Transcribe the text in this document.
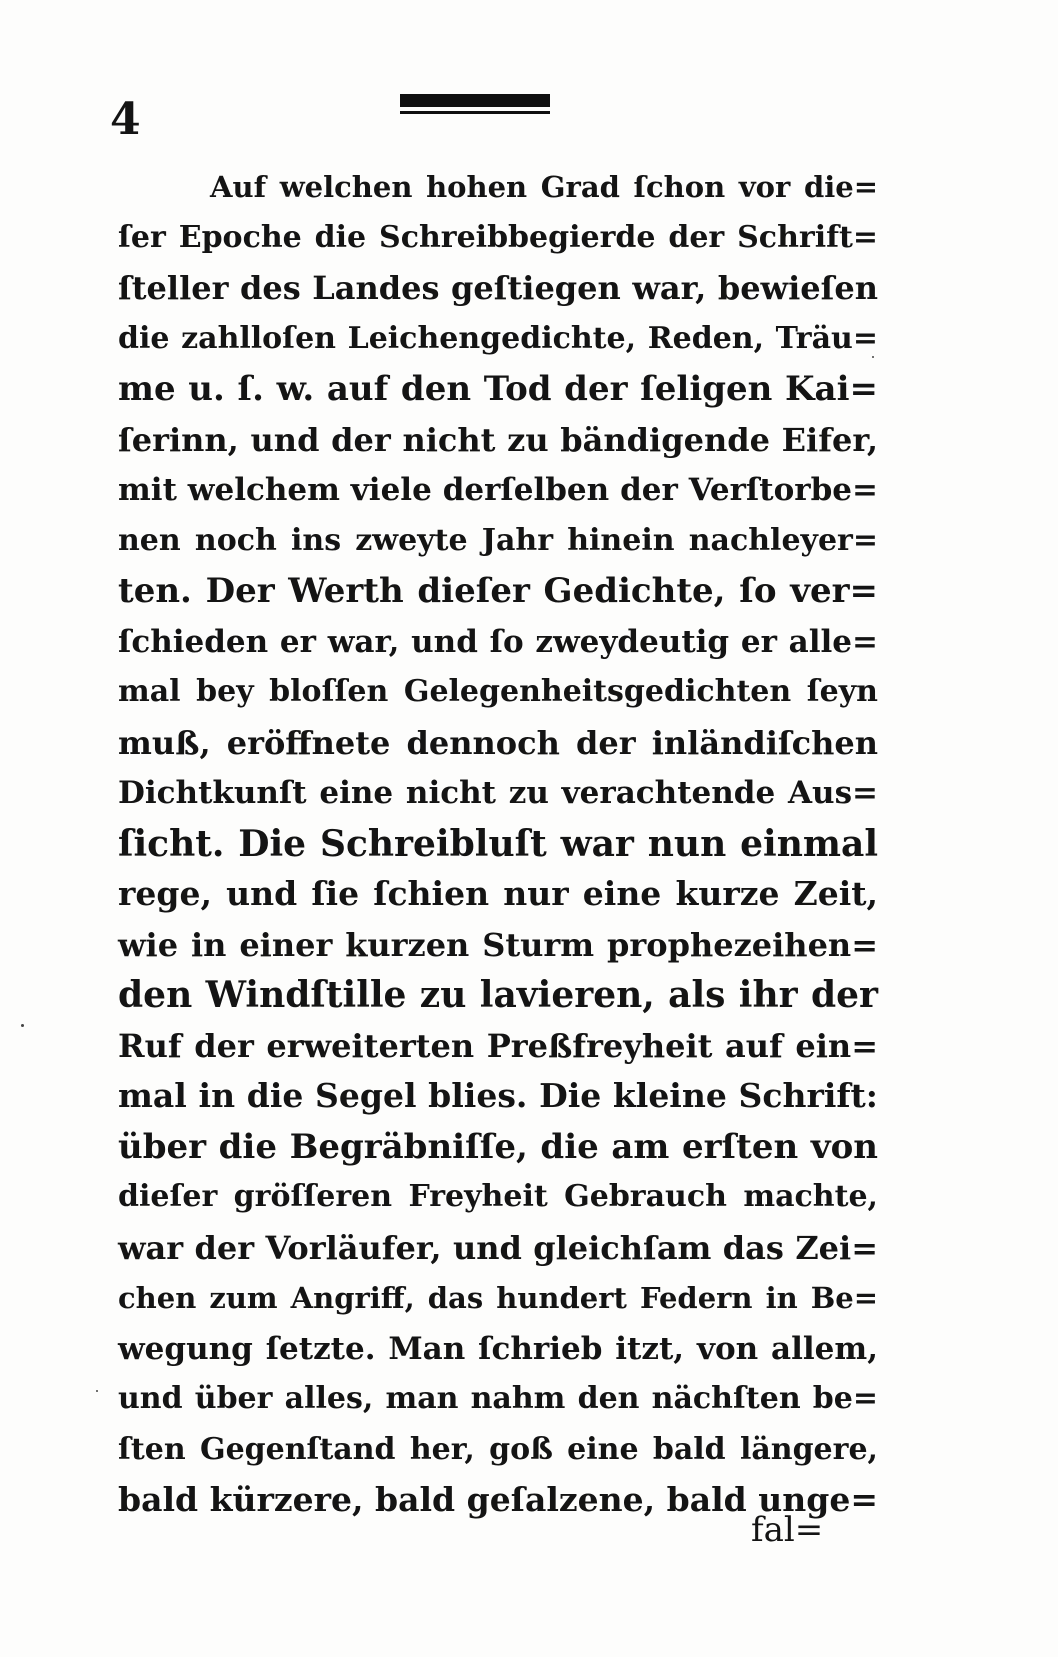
4
Auf welchen hohen Grad ſchon vor die=
ſer Epoche die Schreibbegierde der Schrift=
ſteller des Landes geſtiegen war, bewieſen
die zahlloſen Leichengedichte, Reden, Träu=
me u. ſ. w. auf den Tod der ſeligen Kai=
ſerinn, und der nicht zu bändigende Eifer,
mit welchem viele derſelben der Verſtorbe=
nen noch ins zweyte Jahr hinein nachleyer=
ten. Der Werth dieſer Gedichte, ſo ver=
ſchieden er war, und ſo zweydeutig er alle=
mal bey bloſſen Gelegenheitsgedichten ſeyn
muß, eröffnete dennoch der inländiſchen
Dichtkunſt eine nicht zu verachtende Aus=
ſicht. Die Schreibluſt war nun einmal
rege, und ſie ſchien nur eine kurze Zeit,
wie in einer kurzen Sturm prophezeihen=
den Windſtille zu lavieren, als ihr der
Ruf der erweiterten Preßfreyheit auf ein=
mal in die Segel blies. Die kleine Schrift:
über die Begräbniſſe, die am erſten von
dieſer gröſſeren Freyheit Gebrauch machte,
war der Vorläufer, und gleichſam das Zei=
chen zum Angriff, das hundert Federn in Be=
wegung ſetzte. Man ſchrieb itzt, von allem,
und über alles, man nahm den nächſten be=
ſten Gegenſtand her, goß eine bald längere,
bald kürzere, bald geſalzene, bald unge=
fal=
